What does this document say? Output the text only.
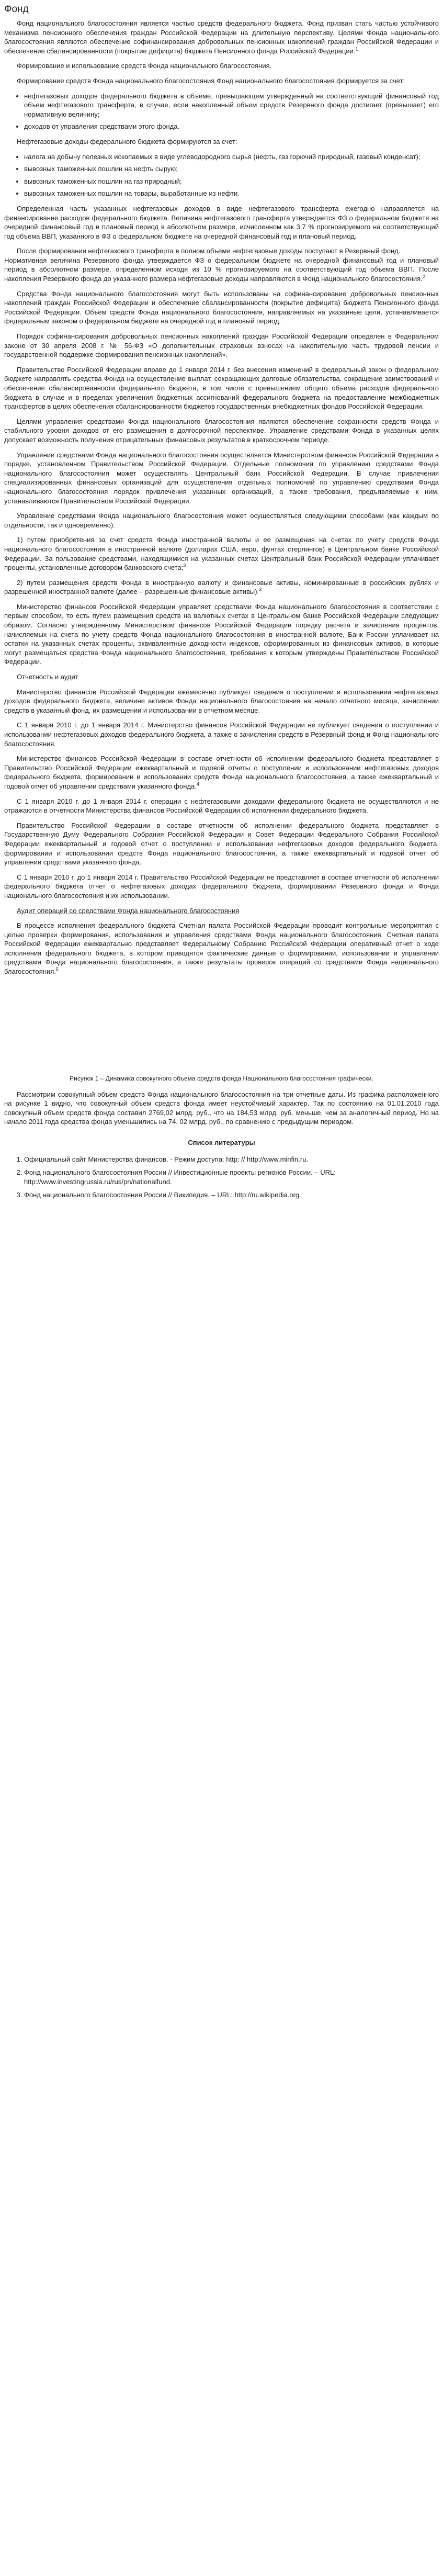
Фонд

Фонд национального благосостояния является частью средств федерального бюджета. Фонд призван стать частью устойчивого механизма пенсионного обеспечения граждан Российской Федерации на длительную перспективу. Целями Фонда национального благосостояния являются обеспечение софинансирования добровольных пенсионных накоплений граждан Российской Федерации и обеспечение сбалансированности (покрытие дефицита) бюджета Пенсионного фонда Российской Федерации.$^1$

Формирование и использование средств Фонда национального благосостояния.

Формирование средств Фонда национального благосостояния Фонд национального благосостояния формируется за счет:

• нефтегазовых доходов федерального бюджета в объеме, превышающем утвержденный на соответствующий финансовый год объем нефтегазового трансферта, в случае, если накопленный объем средств Резервного фонда достигает (превышает) его нормативную величину;
• доходов от управления средствами этого фонда.

Нефтегазовые доходы федерального бюджета формируются за счет:

• налога на добычу полезных ископаемых в виде углеводородного сырья (нефть, газ горючий природный, газовый конденсат);
• вывозных таможенных пошлин на нефть сырую;
• вывозных таможенных пошлин на газ природный;
• вывозных таможенных пошлин на товары, выработанные из нефти.

Определенная часть указанных нефтегазовых доходов в виде нефтегазового трансферта ежегодно направляется на финансирование расходов федерального бюджета. Величина нефтегазового трансферта утверждается ФЗ о федеральном бюджете на очередной финансовый год и плановый период в абсолютном размере, исчисленном как 3,7 % прогнозируемого на соответствующий год объема ВВП, указанного в ФЗ о федеральном бюджете на очередной финансовый год и плановый период.

После формирования нефтегазового трансферта в полном объеме нефтегазовые доходы поступают в Резервный фонд.
Нормативная величина Резервного фонда утверждается ФЗ о федеральном бюджете на очередной финансовый год и плановый период в абсолютном размере, определенном исходя из 10 % прогнозируемого на соответствующий год объема ВВП. После накопления Резервного фонда до указанного размера нефтегазовые доходы направляются в Фонд национального благосостояния.$^2$

Средства Фонда национального благосостояния могут быть использованы на софинансирование добровольных пенсионных накоплений граждан Российской Федерации и обеспечение сбалансированности (покрытие дефицита) бюджета Пенсионного фонда Российской Федерации. Объем средств Фонда национального благосостояния, направляемых на указанные цели, устанавливается федеральным законом о федеральном бюджете на очередной год и плановый период.

Порядок софинансирования добровольных пенсионных накоплений граждан Российской Федерации определен в Федеральном законе от 30 апреля 2008 г. № 56-ФЗ «О дополнительных страховых взносах на накопительную часть трудовой пенсии и государственной поддержке формирования пенсионных накоплений».

Правительство Российской Федерации вправе до 1 января 2014 г. без внесения изменений в федеральный закон о федеральном бюджете направлять средства Фонда на осуществление выплат, сокращающих долговые обязательства, сокращение заимствований и обеспечение сбалансированности федерального бюджета, в том числе с превышением общего объема расходов федерального бюджета в случае и в пределах увеличения бюджетных ассигнований федерального бюджета на предоставление межбюджетных трансфертов в целях обеспечения сбалансированности бюджетов государственных внебюджетных фондов Российской Федерации.

Целями управления средствами Фонда национального благосостояния являются обеспечение сохранности средств Фонда и стабильного уровня доходов от его размещения в долгосрочной перспективе. Управление средствами Фонда в указанных целях допускает возможность получения отрицательных финансовых результатов в краткосрочном периоде.

Управление средствами Фонда национального благосостояния осуществляется Министерством финансов Российской Федерации в порядке, установленном Правительством Российской Федерации. Отдельные полномочия по управлению средствами Фонда национального благосостояния может осуществлять Центральный банк Российской Федерации. В случае привлечения специализированных финансовых организаций для осуществления отдельных полномочий по управлению средствами Фонда национального благосостояния порядок привлечения указанных организаций, а также требования, предъявляемые к ним, устанавливаются Правительством Российской Федерации.

Управление средствами Фонда национального благосостояния может осуществляться следующими способами (как каждым по отдельности, так и одновременно):

1) путем приобретения за счет средств Фонда иностранной валюты и ее размещения на счетах по учету средств Фонда национального благосостояния в иностранной валюте (долларах США, евро, фунтах стерлингов) в Центральном банке Российской Федерации. За пользование средствами, находящимися на указанных счетах Центральный банк Российской Федерации уплачивает проценты, установленные договором банковского счета;$^3$

2) путем размещения средств Фонда в иностранную валюту и финансовые активы, номинированные в российских рублях и разрешенной иностранной валюте (далее – разрешенные финансовые активы).$^3$

Министерство финансов Российской Федерации управляет средствами Фонда национального благосостояния в соответствии с первым способом, то есть путем размещения средств на валютных счетах в Центральном банке Российской Федерации следующим образом. Согласно утвержденному Министерством финансов Российской Федерации порядку расчета и зачисления процентов, начисляемых на счета по учету средств Фонда национального благосостояния в иностранной валюте, Банк России уплачивает на остатки на указанных счетах проценты, эквивалентные доходности индексов, сформированных из финансовых активов, в которые могут размещаться средства Фонда национального благосостояния, требования к которым утверждены Правительством Российской Федерации.

Отчетность и аудит

Министерство финансов Российской Федерации ежемесячно публикует сведения о поступлении и использовании нефтегазовых доходов федерального бюджета, величине активов Фонда национального благосостояния на начало отчетного месяца, зачислении средств в указанный фонд, их размещении и использовании в отчетном месяце.

С 1 января 2010 г. до 1 января 2014 г. Министерство финансов Российской Федерации не публикует сведения о поступлении и использовании нефтегазовых доходов федерального бюджета, а также о зачислении средств в Резервный фонд и Фонд национального благосостояния.

Министерство финансов Российской Федерации в составе отчетности об исполнении федерального бюджета представляет в Правительство Российской Федерации ежеквартальный и годовой отчеты о поступлении и использовании нефтегазовых доходов федерального бюджета, формировании и использовании средств Фонда национального благосостояния, а также ежеквартальный и годовой отчет об управлении средствами указанного фонда.$^4$

С 1 января 2010 г. до 1 января 2014 г. операции с нефтегазовыми доходами федерального бюджета не осуществляются и не отражаются в отчетности Министерства финансов Российской Федерации об исполнении федерального бюджета.

Правительство Российской Федерации в составе отчетности об исполнении федерального бюджета представляет в Государственную Думу Федерального Собрания Российской Федерации и Совет Федерации Федерального Собрания Российской Федерации ежеквартальный и годовой отчет о поступлении и использовании нефтегазовых доходов федерального бюджета, формировании и использовании средств Фонда национального благосостояния, а также ежеквартальный и годовой отчет об управлении средствами указанного фонда.

С 1 января 2010 г. до 1 января 2014 г. Правительство Российской Федерации не представляет в составе отчетности об исполнении федерального бюджета отчет о нефтегазовых доходах федерального бюджета, формировании Резервного фонда и Фонда национального благосостояния и их использовании.

Аудит операций со средствами Фонда национального благосостояния

В процессе исполнения федерального бюджета Счетная палата Российской Федерации проводит контрольные мероприятия с целью проверки формирования, использования и управления средствами Фонда национального благосостояния. Счетная палата Российской Федерации ежеквартально представляет Федеральному Собранию Российской Федерации оперативный отчет о ходе исполнения федерального бюджета, в котором приводятся фактические данные о формировании, использовании и управлении средствами Фонда национального благосостояния, а также результаты проверок операций со средствами Фонда национального благосостояния.$^5$

Рисунок 1 – Динамика совокупного объема средств фонда Национального благосостояния графически.

Рассмотрим совокупный объем средств Фонда национального благосостояния на три отчетные даты. Из графика расположенного на рисунке 1 видно, что совокупный объем средств фонда имеет неустойчивый характер. Так по состоянию на 01.01.2010 года совокупный объем средств фонда составил 2769,02 млрд. руб., что на 184,53 млрд. руб. меньше, чем за аналогичный период. Но на начало 2011 года средства фонда уменьшились на 74, 02 млрд. руб., по сравнению с предыдущим периодом.

Список литературы
1. Официальный сайт Министерства финансов. - Режим доступа: http: // http://www.minfin.ru.
2. Фонд национального благосостояния России // Инвестиционные проекты регионов России. – URL: http://www.investingrussia.ru/rus/pn/nationalfund.
3. Фонд национального благосостояния России // Википедия. – URL: http://ru.wikipedia.org.
